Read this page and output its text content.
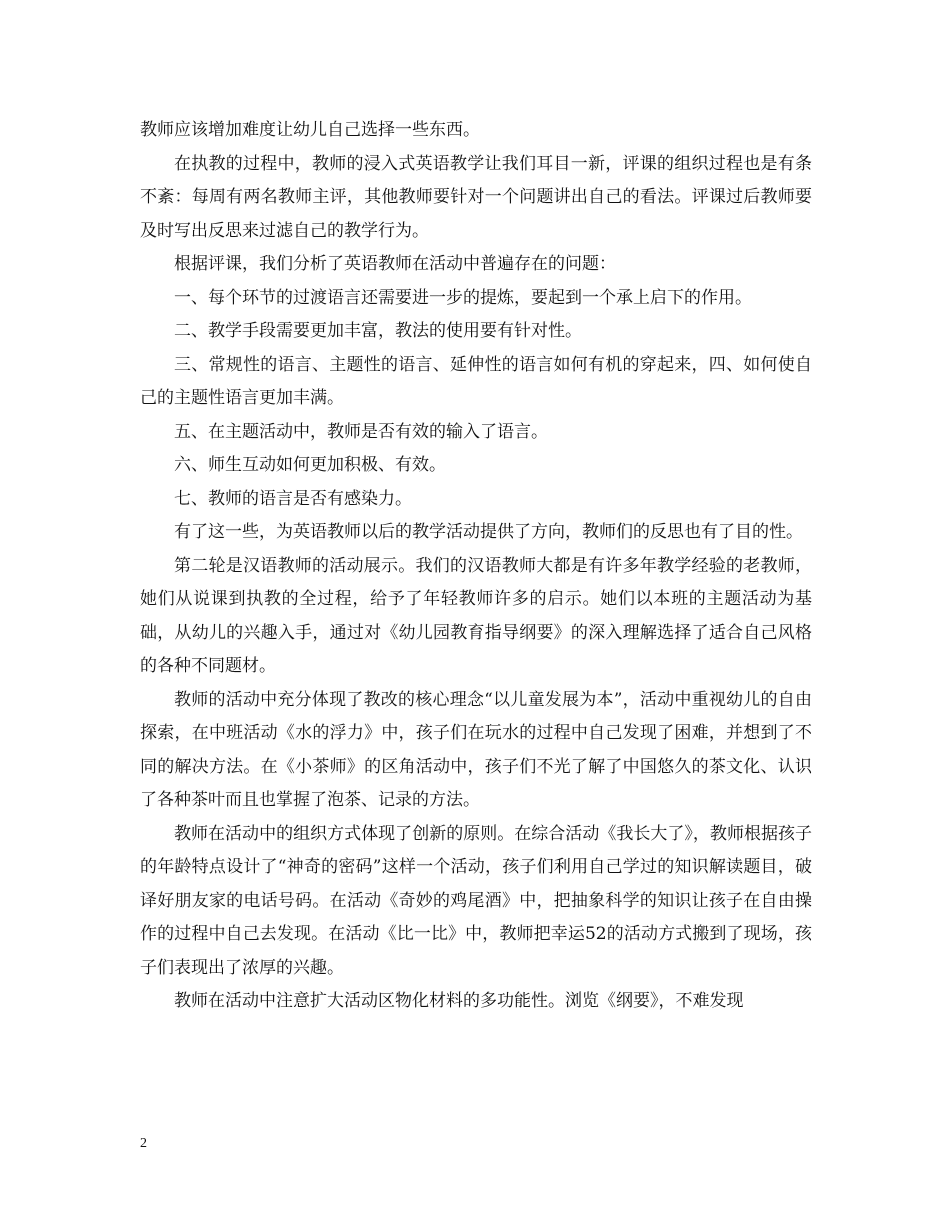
教师应该增加难度让幼儿自己选择一些东西。

在执教的过程中，教师的浸入式英语教学让我们耳目一新，评课的组织过程也是有条不紊：每周有两名教师主评，其他教师要针对一个问题讲出自己的看法。评课过后教师要及时写出反思来过滤自己的教学行为。

根据评课，我们分析了英语教师在活动中普遍存在的问题：

一、每个环节的过渡语言还需要进一步的提炼，要起到一个承上启下的作用。

二、教学手段需要更加丰富，教法的使用要有针对性。

三、常规性的语言、主题性的语言、延伸性的语言如何有机的穿起来，四、如何使自己的主题性语言更加丰满。

五、在主题活动中，教师是否有效的输入了语言。

六、师生互动如何更加积极、有效。

七、教师的语言是否有感染力。

有了这一些，为英语教师以后的教学活动提供了方向，教师们的反思也有了目的性。

第二轮是汉语教师的活动展示。我们的汉语教师大都是有许多年教学经验的老教师，她们从说课到执教的全过程，给予了年轻教师许多的启示。她们以本班的主题活动为基础，从幼儿的兴趣入手，通过对《幼儿园教育指导纲要》的深入理解选择了适合自己风格的各种不同题材。

教师的活动中充分体现了教改的核心理念“以儿童发展为本”，活动中重视幼儿的自由探索，在中班活动《水的浮力》中，孩子们在玩水的过程中自己发现了困难，并想到了不同的解决方法。在《小茶师》的区角活动中，孩子们不光了解了中国悠久的茶文化、认识了各种茶叶而且也掌握了泡茶、记录的方法。

教师在活动中的组织方式体现了创新的原则。在综合活动《我长大了》，教师根据孩子的年龄特点设计了“神奇的密码”这样一个活动，孩子们利用自己学过的知识解读题目，破译好朋友家的电话号码。在活动《奇妙的鸡尾酒》中，把抽象科学的知识让孩子在自由操作的过程中自己去发现。在活动《比一比》中，教师把幸运52的活动方式搬到了现场，孩子们表现出了浓厚的兴趣。

教师在活动中注意扩大活动区物化材料的多功能性。浏览《纲要》，不难发现

2
